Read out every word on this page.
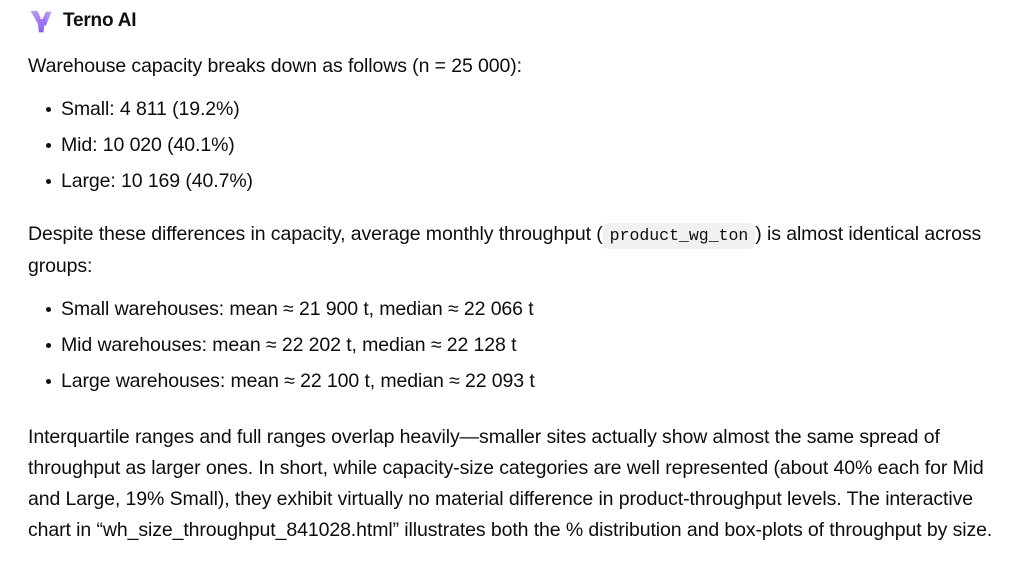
Terno AI

Warehouse capacity breaks down as follows (n = 25 000):

Small: 4 811 (19.2%)
Mid: 10 020 (40.1%)
Large: 10 169 (40.7%)

Despite these differences in capacity, average monthly throughput ( product_wg_ton ) is almost identical across groups:

Small warehouses: mean ≈ 21 900 t, median ≈ 22 066 t
Mid warehouses: mean ≈ 22 202 t, median ≈ 22 128 t
Large warehouses: mean ≈ 22 100 t, median ≈ 22 093 t

Interquartile ranges and full ranges overlap heavily—smaller sites actually show almost the same spread of throughput as larger ones. In short, while capacity-size categories are well represented (about 40% each for Mid and Large, 19% Small), they exhibit virtually no material difference in product-throughput levels. The interactive chart in “wh_size_throughput_841028.html” illustrates both the % distribution and box-plots of throughput by size.
